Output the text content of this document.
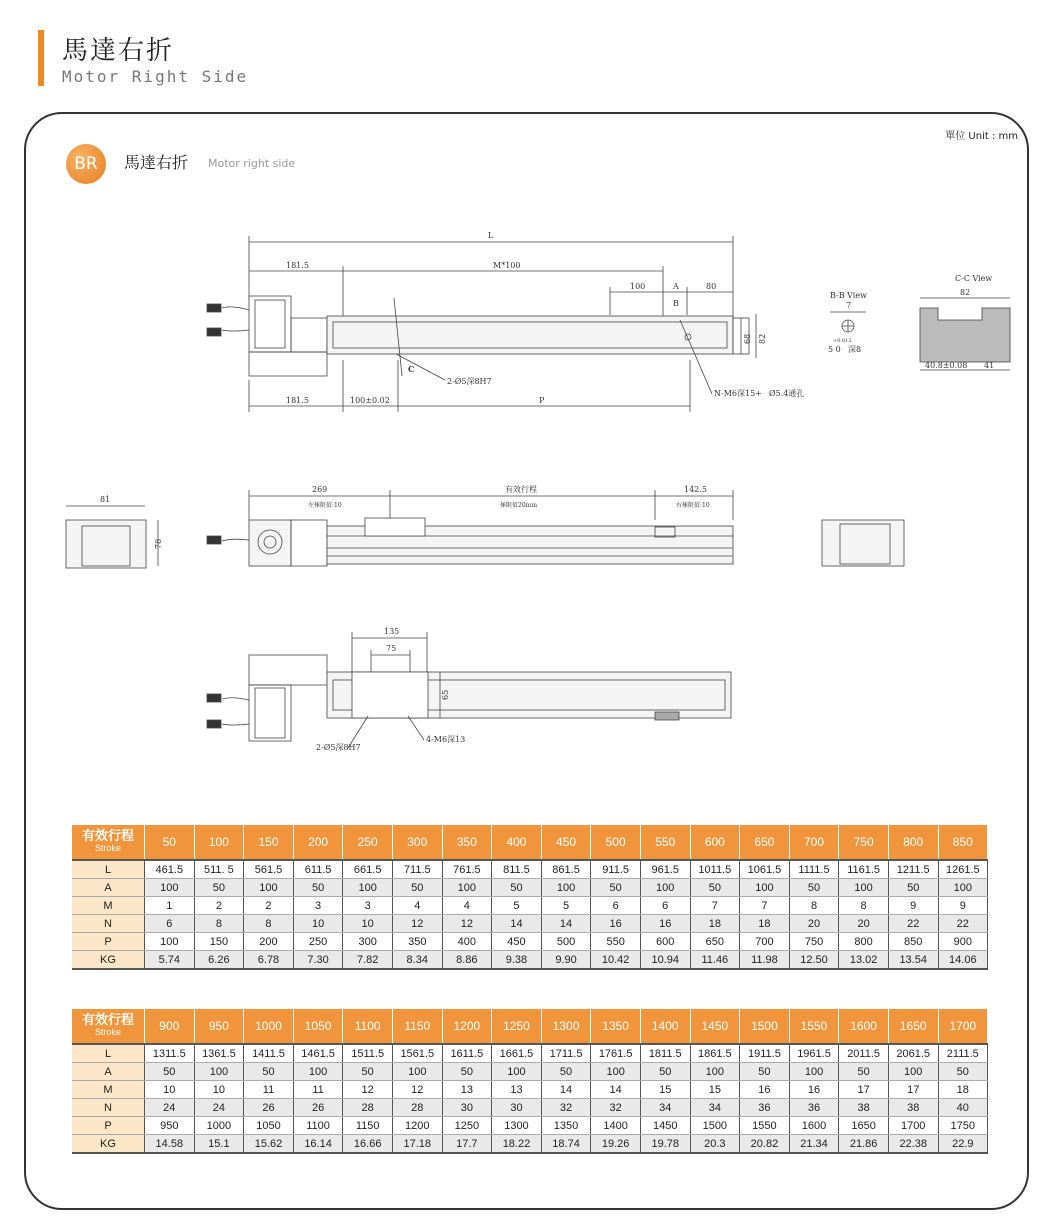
馬達右折
Motor Right Side
單位 Unit : mm
BR	馬達右折 Motor right side
L
181.5	M*100
100	A	80
B
68 82
C
2-Ø5深8H7
N-M6深15+ Ø5.4通孔
181.5	100±0.02	P
B-B View
7
+0.012
5 0 深8
C-C View
82
40.8±0.08 41
81
78
269	有效行程	142.5
左極限值:10	極限值20mm	右極限值:10
135
75
65
2-Ø5深8H7
4-M6深13
有效行程
Stroke	50	100	150	200	250	300	350	400	450	500	550	600	650	700	750	800	850
L	461.5	511. 5	561.5	611.5	661.5	711.5	761.5	811.5	861.5	911.5	961.5	1011.5	1061.5	1111.5	1161.5	1211.5	1261.5
A	100	50	100	50	100	50	100	50	100	50	100	50	100	50	100	50	100
M	1	2	2	3	3	4	4	5	5	6	6	7	7	8	8	9	9
N	6	8	8	10	10	12	12	14	14	16	16	18	18	20	20	22	22
P	100	150	200	250	300	350	400	450	500	550	600	650	700	750	800	850	900
KG	5.74	6.26	6.78	7.30	7.82	8.34	8.86	9.38	9.90	10.42	10.94	11.46	11.98	12.50	13.02	13.54	14.06
有效行程
Stroke	900	950	1000	1050	1100	1150	1200	1250	1300	1350	1400	1450	1500	1550	1600	1650	1700
L	1311.5	1361.5	1411.5	1461.5	1511.5	1561.5	1611.5	1661.5	1711.5	1761.5	1811.5	1861.5	1911.5	1961.5	2011.5	2061.5	2111.5
A	50	100	50	100	50	100	50	100	50	100	50	100	50	100	50	100	50
M	10	10	11	11	12	12	13	13	14	14	15	15	16	16	17	17	18
N	24	24	26	26	28	28	30	30	32	32	34	34	36	36	38	38	40
P	950	1000	1050	1100	1150	1200	1250	1300	1350	1400	1450	1500	1550	1600	1650	1700	1750
KG	14.58	15.1	15.62	16.14	16.66	17.18	17.7	18.22	18.74	19.26	19.78	20.3	20.82	21.34	21.86	22.38	22.9
